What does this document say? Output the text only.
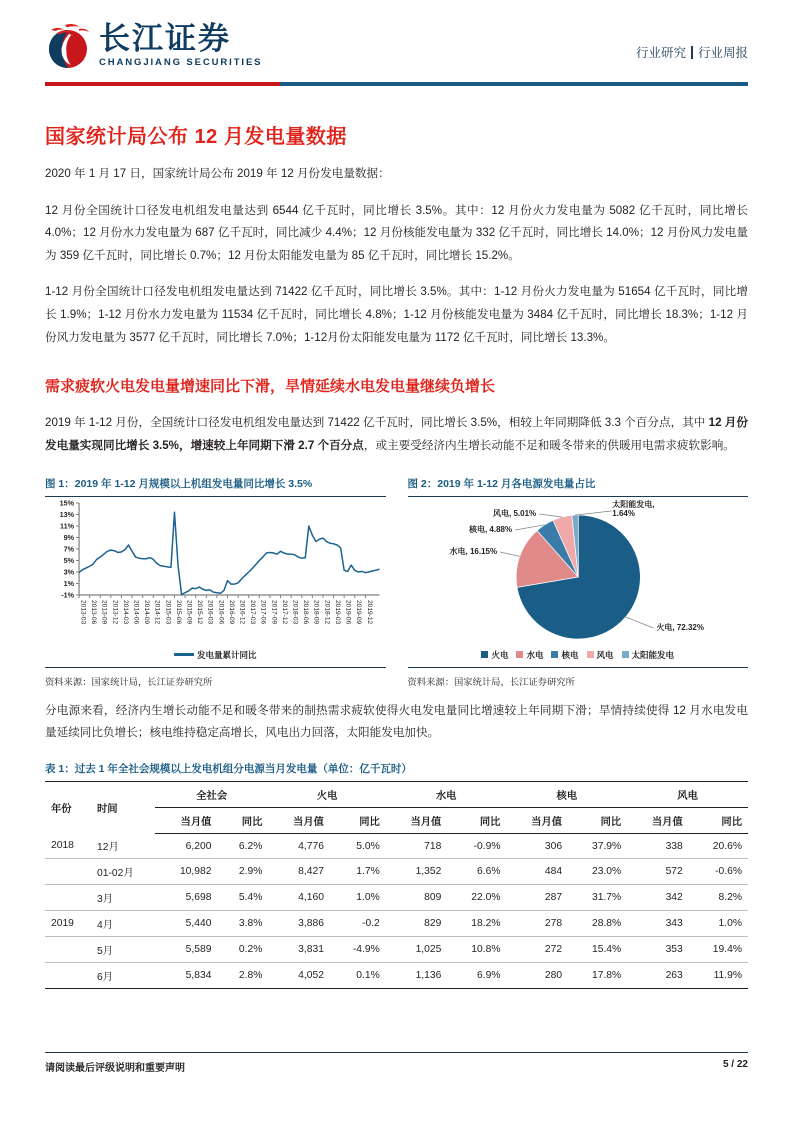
长江证券
CHANGJIANG SECURITIES
行业研究 行业周报
国家统计局公布 12 月发电量数据

2020 年 1 月 17 日，国家统计局公布 2019 年 12 月份发电量数据：

12 月份全国统计口径发电机组发电量达到 6544 亿千瓦时，同比增长 3.5%。其中：12 月份火力发电量为 5082 亿千瓦时，同比增长 4.0%；12 月份水力发电量为 687 亿千瓦时，同比减少 4.4%；12 月份核能发电量为 332 亿千瓦时，同比增长 14.0%；12 月份风力发电量为 359 亿千瓦时，同比增长 0.7%；12 月份太阳能发电量为 85 亿千瓦时，同比增长 15.2%。

1-12 月份全国统计口径发电机组发电量达到 71422 亿千瓦时，同比增长 3.5%。其中：1-12 月份火力发电量为 51654 亿千瓦时，同比增长 1.9%；1-12 月份水力发电量为 11534 亿千瓦时，同比增长 4.8%；1-12 月份核能发电量为 3484 亿千瓦时，同比增长 18.3%；1-12 月份风力发电量为 3577 亿千瓦时，同比增长 7.0%；1-12月份太阳能发电量为 1172 亿千瓦时，同比增长 13.3%。

需求疲软火电发电量增速同比下滑，旱情延续水电发电量继续负增长

2019 年 1-12 月份，全国统计口径发电机组发电量达到 71422 亿千瓦时，同比增长 3.5%，相较上年同期降低 3.3 个百分点，其中 12 月份发电量实现同比增长 3.5%，增速较上年同期下滑 2.7 个百分点，或主要受经济内生增长动能不足和暖冬带来的供暖用电需求疲软影响。

图 1：2019 年 1-12 月规模以上机组发电量同比增长 3.5%
-1%
1%
3%
5%
7%
9%
11%
13%
15%
2013-03 2013-06 2013-09 2013-12 2014-03 2014-06 2014-09 2014-12 2015-03 2015-06 2015-09 2015-12 2016-03 2016-06 2016-09 2016-12 2017-03 2017-06 2017-09 2017-12 2018-03 2018-06 2018-09 2018-12 2019-03 2019-06 2019-09 2019-12
发电量累计同比
资料来源：国家统计局，长江证券研究所
图 2：2019 年 1-12 月各电源发电量占比
火电, 72.32%
水电, 16.15%
核电, 4.88%
风电, 5.01%
太阳能发电,
1.64%
火电 水电 核电 风电 太阳能发电
资料来源：国家统计局，长江证券研究所

分电源来看，经济内生增长动能不足和暖冬带来的制热需求疲软使得火电发电量同比增速较上年同期下滑；旱情持续使得 12 月水电发电量延续同比负增长；核电维持稳定高增长，风电出力回落，太阳能发电加快。

表 1：过去 1 年全社会规模以上发电机组分电源当月发电量（单位：亿千瓦时）
年份	时间	全社会		火电		水电		核电		风电	
		当月值	同比	当月值	同比	当月值	同比	当月值	同比	当月值	同比
2018	12月	6,200	6.2%	4,776	5.0%	718	-0.9%	306	37.9%	338	20.6%
	01-02月	10,982	2.9%	8,427	1.7%	1,352	6.6%	484	23.0%	572	-0.6%
	3月	5,698	5.4%	4,160	1.0%	809	22.0%	287	31.7%	342	8.2%
2019	4月	5,440	3.8%	3,886	-0.2	829	18.2%	278	28.8%	343	1.0%
	5月	5,589	0.2%	3,831	-4.9%	1,025	10.8%	272	15.4%	353	19.4%
	6月	5,834	2.8%	4,052	0.1%	1,136	6.9%	280	17.8%	263	11.9%
请阅读最后评级说明和重要声明	5 / 22
